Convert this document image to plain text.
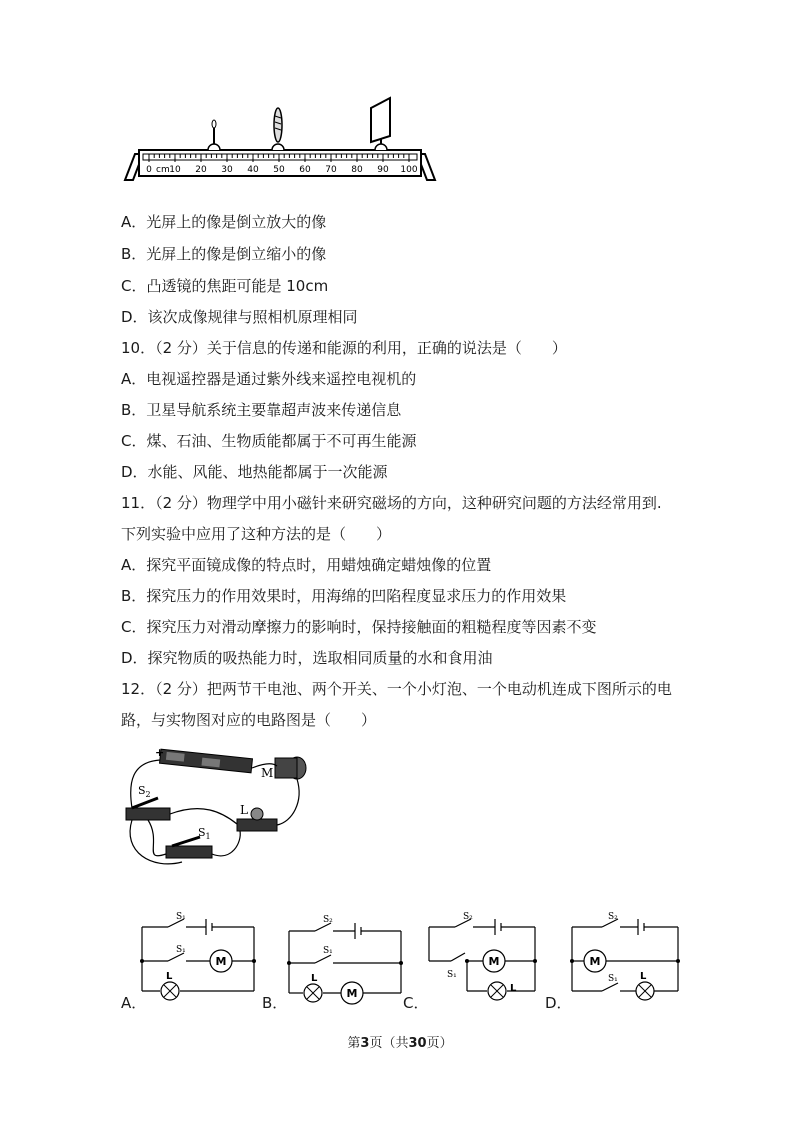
0 cm 10 20 30 40 50 60 70 80 90 100
A．光屏上的像是倒立放大的像
B．光屏上的像是倒立缩小的像
C．凸透镜的焦距可能是 10cm
D．该次成像规律与照相机原理相同
10．（2 分）关于信息的传递和能源的利用，正确的说法是（　　）
A．电视遥控器是通过紫外线来遥控电视机的
B．卫星导航系统主要靠超声波来传递信息
C．煤、石油、生物质能都属于不可再生能源
D．水能、风能、地热能都属于一次能源
11．（2 分）物理学中用小磁针来研究磁场的方向，这种研究问题的方法经常用到.
下列实验中应用了这种方法的是（　　）
A．探究平面镜成像的特点时，用蜡烛确定蜡烛像的位置
B．探究压力的作用效果时，用海绵的凹陷程度显求压力的作用效果
C．探究压力对滑动摩擦力的影响时，保持接触面的粗糙程度等因素不变
D．探究物质的吸热能力时，选取相同质量的水和食用油
12．（2 分）把两节干电池、两个开关、一个小灯泡、一个电动机连成下图所示的电
路，与实物图对应的电路图是（　　）
+
M
$S_2$
L
$S_1$
M
S₁
S₁
L
A．
M
S₂
S₁
L
B．
M
S₂
S₁
L
C．
M
S₂
S₁ L
D．
第3页（共30页）
